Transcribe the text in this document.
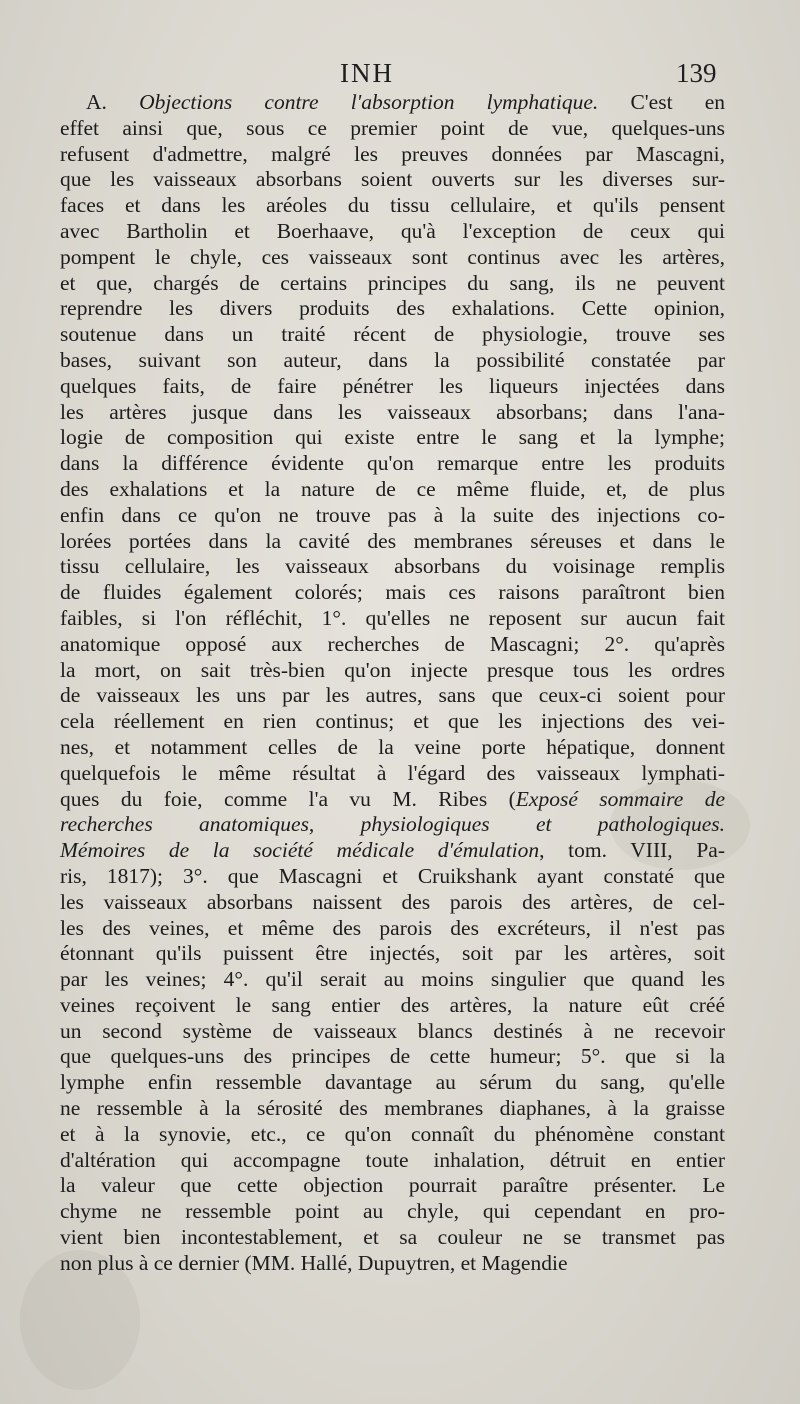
INH	139
A. Objections contre l'absorption lymphatique. C'est en
effet ainsi que, sous ce premier point de vue, quelques-uns
refusent d'admettre, malgré les preuves données par Mascagni,
que les vaisseaux absorbans soient ouverts sur les diverses sur-
faces et dans les aréoles du tissu cellulaire, et qu'ils pensent
avec Bartholin et Boerhaave, qu'à l'exception de ceux qui
pompent le chyle, ces vaisseaux sont continus avec les artères,
et que, chargés de certains principes du sang, ils ne peuvent
reprendre les divers produits des exhalations. Cette opinion,
soutenue dans un traité récent de physiologie, trouve ses
bases, suivant son auteur, dans la possibilité constatée par
quelques faits, de faire pénétrer les liqueurs injectées dans
les artères jusque dans les vaisseaux absorbans; dans l'ana-
logie de composition qui existe entre le sang et la lymphe;
dans la différence évidente qu'on remarque entre les produits
des exhalations et la nature de ce même fluide, et, de plus
enfin dans ce qu'on ne trouve pas à la suite des injections co-
lorées portées dans la cavité des membranes séreuses et dans le
tissu cellulaire, les vaisseaux absorbans du voisinage remplis
de fluides également colorés; mais ces raisons paraîtront bien
faibles, si l'on réfléchit, 1°. qu'elles ne reposent sur aucun fait
anatomique opposé aux recherches de Mascagni; 2°. qu'après
la mort, on sait très-bien qu'on injecte presque tous les ordres
de vaisseaux les uns par les autres, sans que ceux-ci soient pour
cela réellement en rien continus; et que les injections des vei-
nes, et notamment celles de la veine porte hépatique, donnent
quelquefois le même résultat à l'égard des vaisseaux lymphati-
ques du foie, comme l'a vu M. Ribes (Exposé sommaire de
recherches anatomiques, physiologiques et pathologiques.
Mémoires de la société médicale d'émulation, tom. VIII, Pa-
ris, 1817); 3°. que Mascagni et Cruikshank ayant constaté que
les vaisseaux absorbans naissent des parois des artères, de cel-
les des veines, et même des parois des excréteurs, il n'est pas
étonnant qu'ils puissent être injectés, soit par les artères, soit
par les veines; 4°. qu'il serait au moins singulier que quand les
veines reçoivent le sang entier des artères, la nature eût créé
un second système de vaisseaux blancs destinés à ne recevoir
que quelques-uns des principes de cette humeur; 5°. que si la
lymphe enfin ressemble davantage au sérum du sang, qu'elle
ne ressemble à la sérosité des membranes diaphanes, à la graisse
et à la synovie, etc., ce qu'on connaît du phénomène constant
d'altération qui accompagne toute inhalation, détruit en entier
la valeur que cette objection pourrait paraître présenter. Le
chyme ne ressemble point au chyle, qui cependant en pro-
vient bien incontestablement, et sa couleur ne se transmet pas
non plus à ce dernier (MM. Hallé, Dupuytren, et Magendie
